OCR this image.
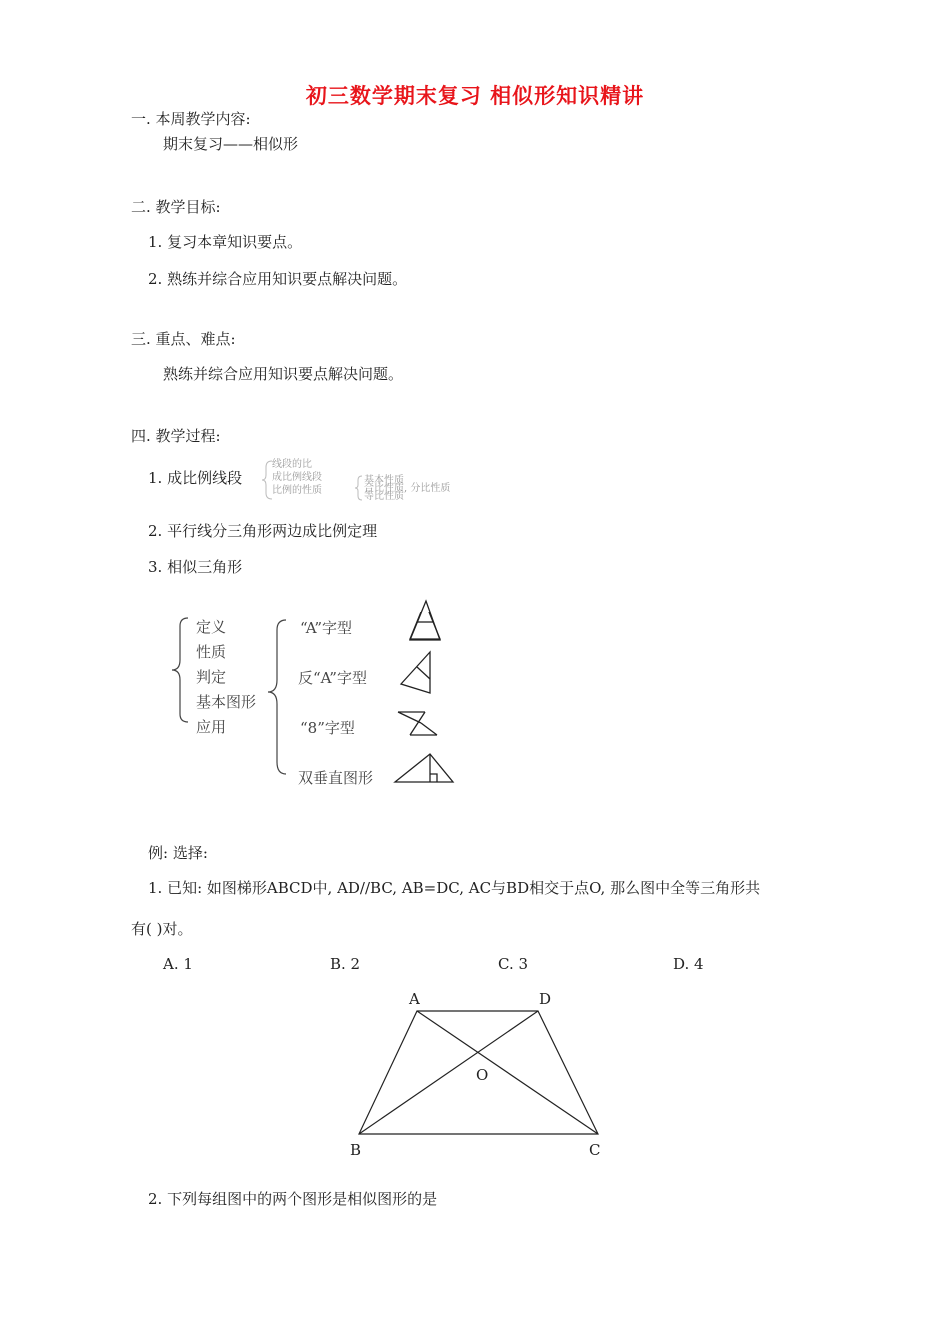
初三数学期末复习 相似形知识精讲
一. 本周教学内容:
期末复习——相似形
二. 教学目标:
1. 复习本章知识要点。
2. 熟练并综合应用知识要点解决问题。
三. 重点、难点:
熟练并综合应用知识要点解决问题。
四. 教学过程:
1. 成比例线段
线段的比
成比例线段
比例的性质
基本性质
合比性质, 分比性质
等比性质
2. 平行线分三角形两边成比例定理
3. 相似三角形
定义
性质
判定
基本图形
应用
“A”字型
反“A”字型
“8”字型
双垂直图形
例: 选择:
1. 已知: 如图梯形ABCD中, AD//BC, AB=DC, AC与BD相交于点O, 那么图中全等三角形共
有( )对。
A. 1	B. 2	C. 3	D. 4
A	D
O
B	C
2. 下列每组图中的两个图形是相似图形的是
